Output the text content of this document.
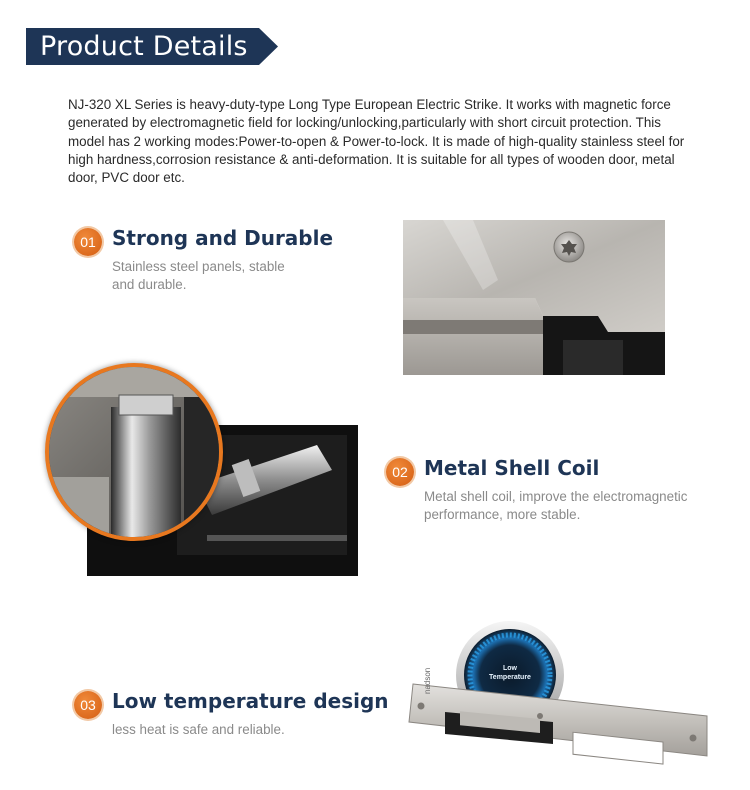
Product Details
NJ-320 XL Series is heavy-duty-type Long Type European Electric Strike. It works with magnetic force generated by electromagnetic field for locking/unlocking,particularly with short circuit protection. This model has 2 working modes:Power-to-open & Power-to-lock. It is made of high-quality stainless steel for high hardness,corrosion resistance & anti-deformation. It is suitable for all types of wooden door, metal door, PVC door etc.
01 Strong and Durable
Stainless steel panels, stable and durable.
02 Metal Shell Coil
Metal shell coil, improve the electromagnetic performance, more stable.
03 Low temperature design
less heat is safe and reliable.
nadson	Low Temperature
